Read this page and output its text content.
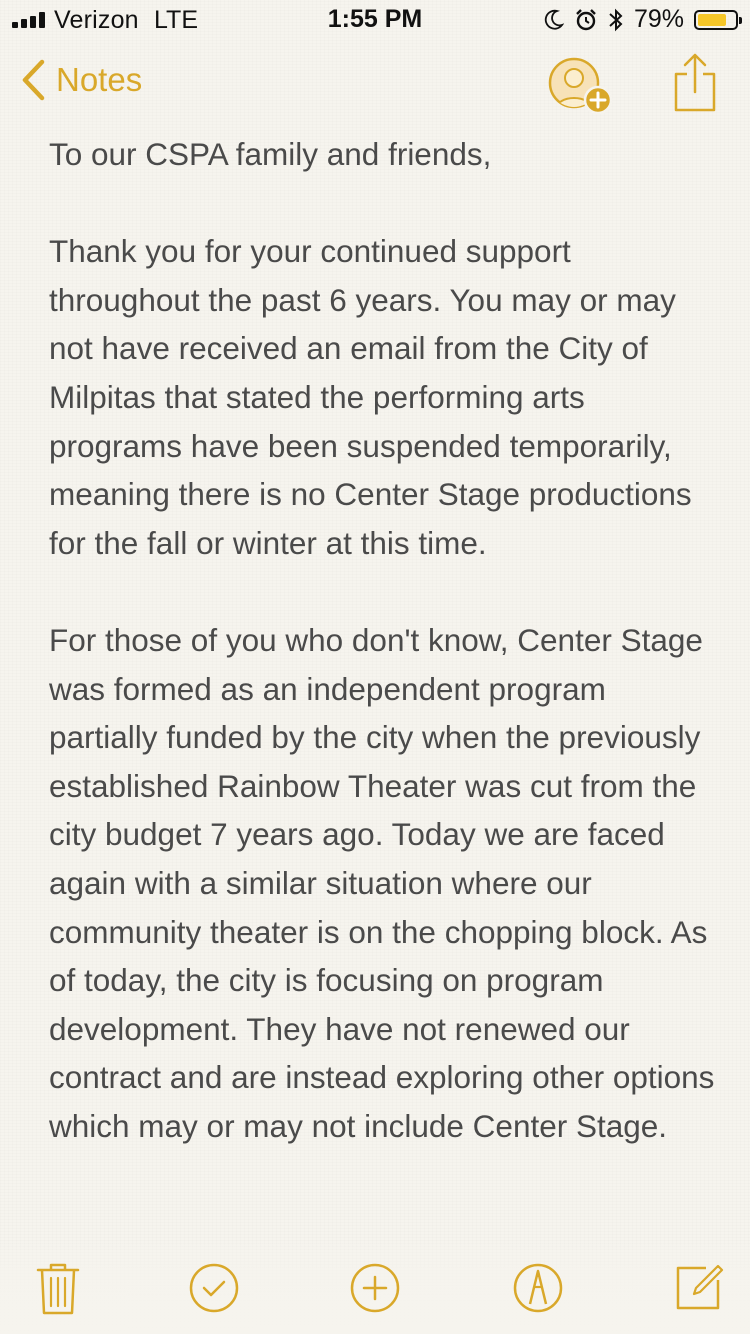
Verizon LTE	1:55 PM	79%
Notes

To our CSPA family and friends,

Thank you for your continued support throughout the past 6 years. You may or may not have received an email from the City of Milpitas that stated the performing arts programs have been suspended temporarily, meaning there is no Center Stage productions for the fall or winter at this time.

For those of you who don't know, Center Stage was formed as an independent program partially funded by the city when the previously established Rainbow Theater was cut from the city budget 7 years ago. Today we are faced again with a similar situation where our community theater is on the chopping block. As of today, the city is focusing on program development. They have not renewed our contract and are instead exploring other options which may or may not include Center Stage.
